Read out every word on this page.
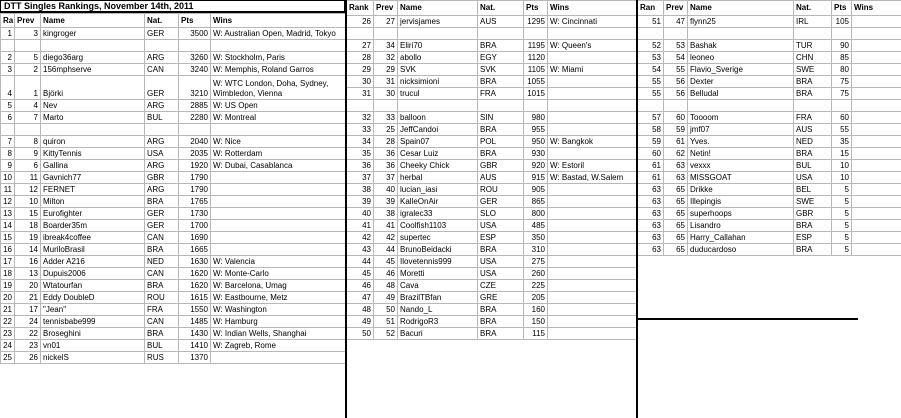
DTT Singles Rankings, November 14th, 2011
Ra	Prev	Name	Nat.	Pts	Wins
1	3	kingroger	GER	3500	W: Australian Open, Madrid, Tokyo

2	5	diego36arg	ARG	3260	W: Stockholm, Paris
3	2	156mphserve	CAN	3240	W: Memphis, Roland Garros
4	1	Björki	GER	3210	W: WTC London, Doha, Sydney, Wimbledon, Vienna
5	4	Nev	ARG	2885	W: US Open
6	7	Marto	BUL	2280	W: Montreal

7	8	quiron	ARG	2040	W: Nice
8	9	KittyTennis	USA	2035	W: Rotterdam
9	6	Gallina	ARG	1920	W: Dubai, Casablanca
10	11	Gavnich77	GBR	1790	
11	12	FERNET	ARG	1790	
12	10	Milton	BRA	1765	
13	15	Eurofighter	GER	1730	
14	18	Boarder35m	GER	1700	
15	19	ibreak4coffee	CAN	1690	
16	14	MuriloBrasil	BRA	1665	
17	16	Adder A216	NED	1630	W: Valencia
18	13	Dupuis2006	CAN	1620	W: Monte-Carlo
19	20	Wtatourfan	BRA	1620	W: Barcelona, Umag
20	21	Eddy DoubleD	ROU	1615	W: Eastbourne, Metz
21	17	"Jean"	FRA	1550	W: Washington
22	24	tennisbabe999	CAN	1485	W: Hamburg
23	22	Broseghini	BRA	1430	W: Indian Wells, Shanghai
24	23	vn01	BUL	1410	W: Zagreb, Rome
25	26	nickelS	RUS	1370	
Rank	Prev	Name	Nat.	Pts	Wins
26	27	jervisjames	AUS	1295	W: Cincinnati

27	34	Eliri70	BRA	1195	W: Queen's
28	32	abollo	EGY	1120	
29	29	SVK	SVK	1105	W: Miami
30	31	nicksimioni	BRA	1055	
31	30	trucul	FRA	1015	

32	33	balloon	SIN	980	
33	25	JeffCandoi	BRA	955	
34	28	Spain07	POL	950	W: Bangkok
35	36	Cesar Luiz	BRA	930	
36	36	Cheeky Chick	GBR	920	W: Estoril
37	37	herbal	AUS	915	W: Bastad, W.Salem
38	40	lucian_iasi	ROU	905	
39	39	KalleOnAir	GER	865	
40	38	igralec33	SLO	800	
41	41	Coolfish1103	USA	485	
42	42	supertec	ESP	350	
43	44	BrunoBeidacki	BRA	310	
44	45	Ilovetennis999	USA	275	
45	46	Moretti	USA	260	
46	48	Cava	CZE	225	
47	49	BrazilTBfan	GRE	205	
48	50	Nando_L	BRA	160	
49	51	RodrigoR3	BRA	150	
50	52	Bacuri	BRA	115	
Ran	Prev	Name	Nat.	Pts	Wins
51	47	flynn25	IRL	105	

52	53	Bashak	TUR	90	
53	54	leoneo	CHN	85	
54	55	Flavio_Sverige	SWE	80	
55	56	Dexter	BRA	75	
55	56	Belludal	BRA	75	

57	60	Toooom	FRA	60	
58	59	jmf07	AUS	55	
59	61	Yves.	NED	35	
60	62	Netin!	BRA	15	
61	63	vexxx	BUL	10	
61	63	MISSGOAT	USA	10	
63	65	Drikke	BEL	5	
63	65	Illepingis	SWE	5	
63	65	superhoops	GBR	5	
63	65	Lisandro	BRA	5	
63	65	Harry_Callahan	ESP	5	
63	65	duducardoso	BRA	5	
